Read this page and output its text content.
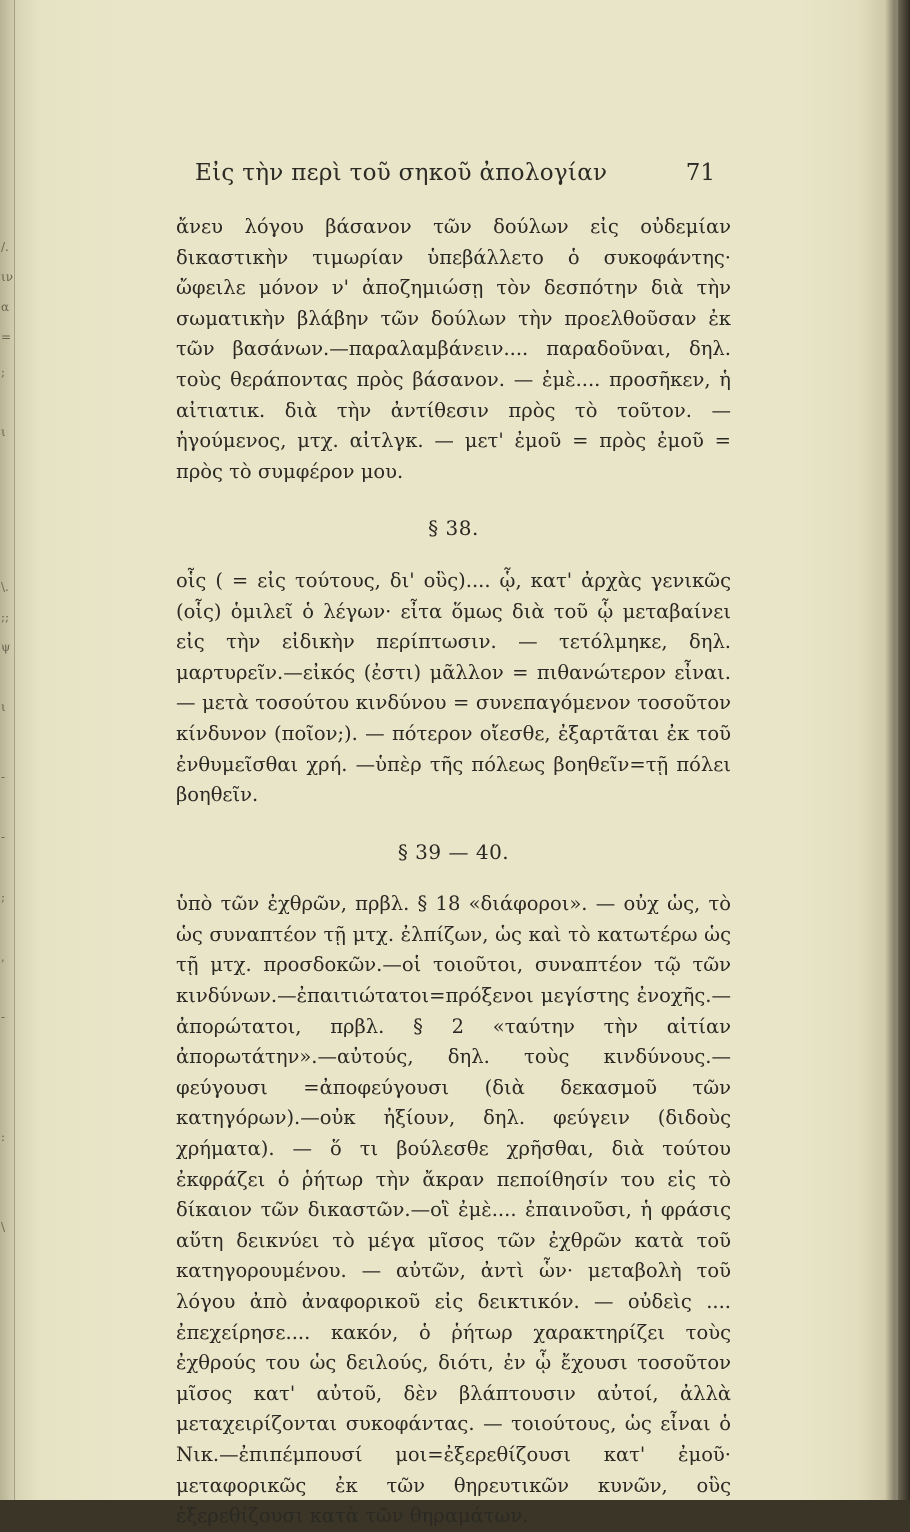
/.
ιν
α
=
;
ι
\.
;;
ψ
ι
-
-
;
,
-
:
\
Εἰς τὴν περὶ τοῦ σηκοῦ ἀπολογίαν	71

ἄνευ λόγου βάσανον τῶν δούλων εἰς οὐδεμίαν δικαστικὴν τιμωρίαν ὑπεβάλλετο ὁ συκοφάντης· ὤφειλε μόνον ν' ἀποζημιώσῃ τὸν δεσπότην διὰ τὴν σωματικὴν βλάβην τῶν δούλων τὴν προελθοῦσαν ἐκ τῶν βασάνων.—παραλαμβάνειν.... παραδοῦναι, δηλ. τοὺς θεράποντας πρὸς βάσανον. — ἐμὲ.... προσῆκεν, ἡ αἰτιατικ. διὰ τὴν ἀντίθεσιν πρὸς τὸ τοῦτον. — ἡγούμενος, μτχ. αἰτλγκ. — μετ' ἐμοῦ = πρὸς ἐμοῦ = πρὸς τὸ συμφέρον μου.

§ 38.

οἷς ( = εἰς τούτους, δι' οὓς).... ᾧ, κατ' ἀρχὰς γενικῶς (οἷς) ὁμιλεῖ ὁ λέγων· εἶτα ὅμως διὰ τοῦ ᾧ μεταβαίνει εἰς τὴν εἰδικὴν περίπτωσιν. — τετόλμηκε, δηλ. μαρτυρεῖν.—εἰκός (ἐστι) μᾶλλον = πιθανώτερον εἶναι. — μετὰ τοσούτου κινδύνου = συνεπαγόμενον τοσοῦτον κίνδυνον (ποῖον;). — πότερον οἴεσθε, ἐξαρτᾶται ἐκ τοῦ ἐνθυμεῖσθαι χρή. —ὑπὲρ τῆς πόλεως βοηθεῖν=τῇ πόλει βοηθεῖν.

§ 39 — 40.

ὑπὸ τῶν ἐχθρῶν, πρβλ. § 18 «διάφοροι». — οὐχ ὡς, τὸ ὡς συναπτέον τῇ μτχ. ἐλπίζων, ὡς καὶ τὸ κατωτέρω ὡς τῇ μτχ. προσδοκῶν.—οἱ τοιοῦτοι, συναπτέον τῷ τῶν κινδύνων.—ἐπαιτιώτατοι=πρόξενοι μεγίστης ἐνοχῆς.—ἀπορώτατοι, πρβλ. § 2 «ταύτην τὴν αἰτίαν ἀπορωτάτην».—αὐτούς, δηλ. τοὺς κινδύνους.—φεύγουσι =ἀποφεύγουσι (διὰ δεκασμοῦ τῶν κατηγόρων).—οὐκ ἠξίουν, δηλ. φεύγειν (διδοὺς χρήματα). — ὅ τι βούλεσθε χρῆσθαι, διὰ τούτου ἐκφράζει ὁ ῥήτωρ τὴν ἄκραν πεποίθησίν του εἰς τὸ δίκαιον τῶν δικαστῶν.—οἳ ἐμὲ.... ἐπαινοῦσι, ἡ φράσις αὕτη δεικνύει τὸ μέγα μῖσος τῶν ἐχθρῶν κατὰ τοῦ κατηγορουμένου. — αὐτῶν, ἀντὶ ὧν· μεταβολὴ τοῦ λόγου ἀπὸ ἀναφορικοῦ εἰς δεικτικόν. — οὐδεὶς .... ἐπεχείρησε.... κακόν, ὁ ῥήτωρ χαρακτηρίζει τοὺς ἐχθρούς του ὡς δειλούς, διότι, ἐν ᾧ ἔχουσι τοσοῦτον μῖσος κατ' αὐτοῦ, δὲν βλάπτουσιν αὐτοί, ἀλλὰ μεταχειρίζονται συκοφάντας. — τοιούτους, ὡς εἶναι ὁ Νικ.—ἐπιπέμπουσί μοι=ἐξερεθίζουσι κατ' ἐμοῦ· μεταφορικῶς ἐκ τῶν θηρευτικῶν κυνῶν, οὓς ἐξερεθίζουσι κατὰ τῶν θηραμάτων.
